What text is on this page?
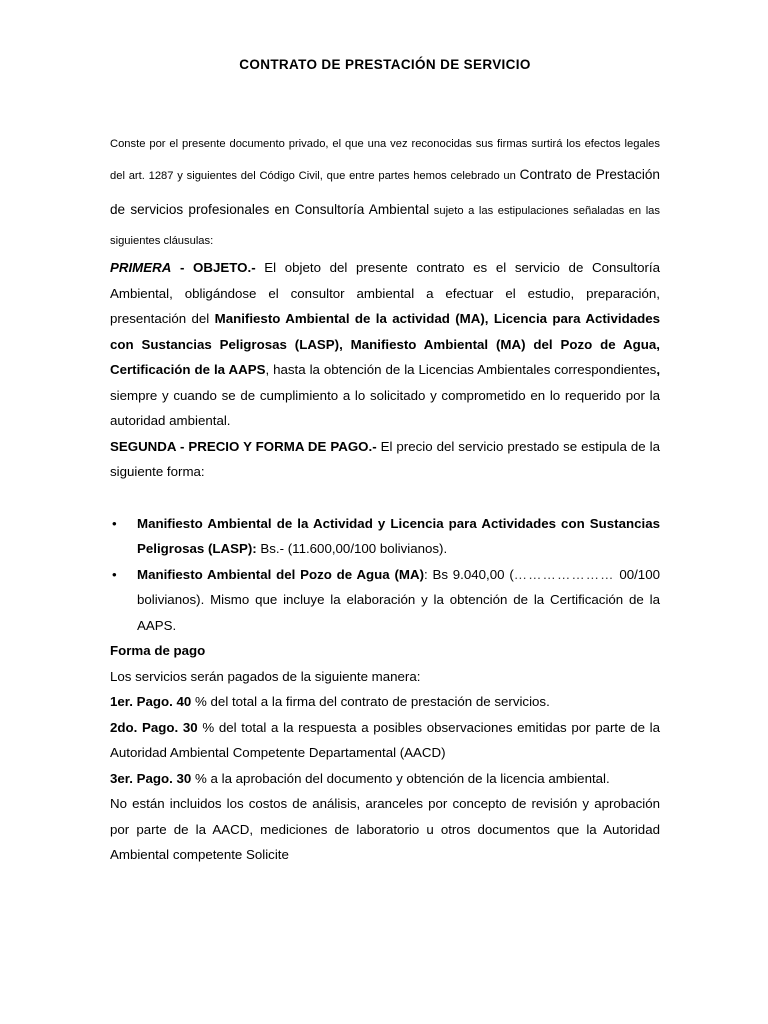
CONTRATO DE PRESTACIÓN DE SERVICIO

Conste por el presente documento privado, el que una vez reconocidas sus firmas surtirá los efectos legales del art. 1287 y siguientes del Código Civil, que entre partes hemos celebrado un Contrato de Prestación de servicios profesionales en Consultoría Ambiental sujeto a las estipulaciones señaladas en las siguientes cláusulas:

PRIMERA - OBJETO.- El objeto del presente contrato es el servicio de Consultoría Ambiental, obligándose el consultor ambiental a efectuar el estudio, preparación, presentación del Manifiesto Ambiental de la actividad (MA), Licencia para Actividades con Sustancias Peligrosas (LASP), Manifiesto Ambiental (MA) del Pozo de Agua, Certificación de la AAPS, hasta la obtención de la Licencias Ambientales correspondientes, siempre y cuando se de cumplimiento a lo solicitado y comprometido en lo requerido por la autoridad ambiental.

SEGUNDA - PRECIO Y FORMA DE PAGO.- El precio del servicio prestado se estipula de la siguiente forma:

• Manifiesto Ambiental de la Actividad y Licencia para Actividades con Sustancias Peligrosas (LASP): Bs.- (11.600,00/100 bolivianos).
• Manifiesto Ambiental del Pozo de Agua (MA): Bs 9.040,00 (………………… 00/100 bolivianos). Mismo que incluye la elaboración y la obtención de la Certificación de la AAPS.

Forma de pago

Los servicios serán pagados de la siguiente manera:

1er. Pago. 40 % del total a la firma del contrato de prestación de servicios.

2do. Pago. 30 % del total a la respuesta a posibles observaciones emitidas por parte de la Autoridad Ambiental Competente Departamental (AACD)

3er. Pago. 30 % a la aprobación del documento y obtención de la licencia ambiental.

No están incluidos los costos de análisis, aranceles por concepto de revisión y aprobación por parte de la AACD, mediciones de laboratorio u otros documentos que la Autoridad Ambiental competente Solicite
